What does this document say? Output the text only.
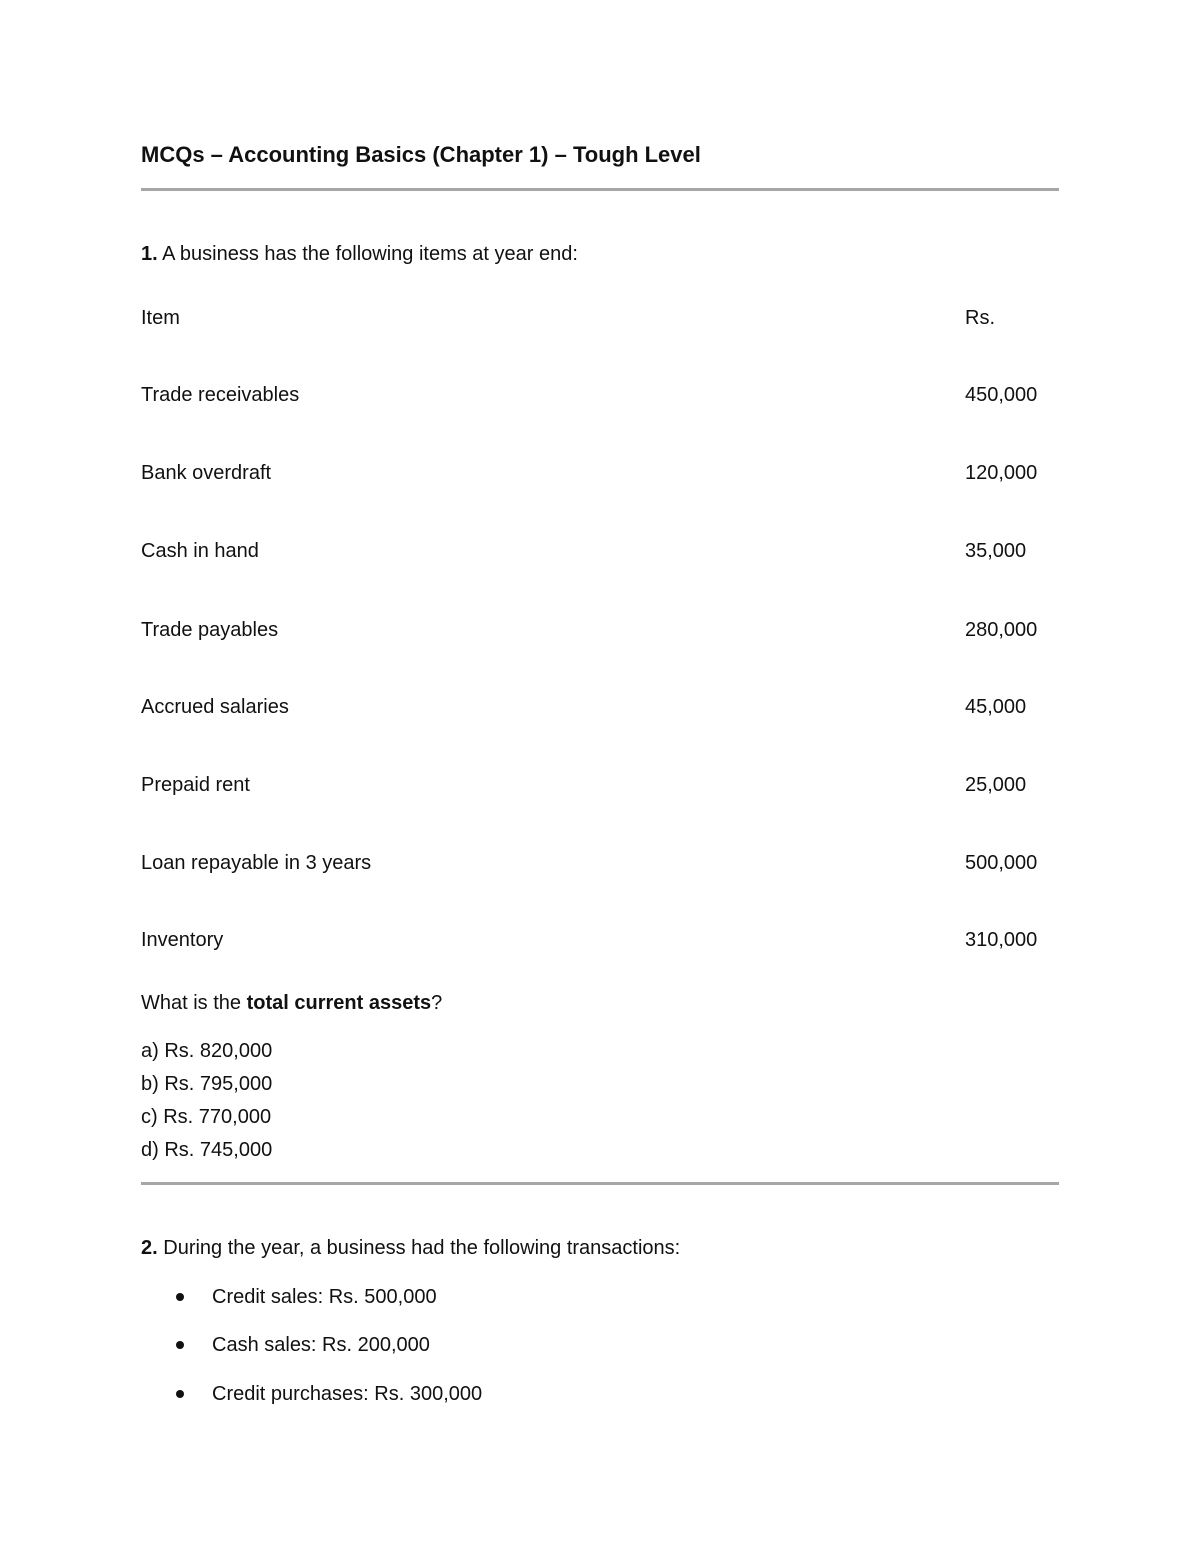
MCQs – Accounting Basics (Chapter 1) – Tough Level
1. A business has the following items at year end:
Item	Rs.
Trade receivables	450,000
Bank overdraft	120,000
Cash in hand	35,000
Trade payables	280,000
Accrued salaries	45,000
Prepaid rent	25,000
Loan repayable in 3 years	500,000
Inventory	310,000
What is the total current assets?
a) Rs. 820,000
b) Rs. 795,000
c) Rs. 770,000
d) Rs. 745,000
2. During the year, a business had the following transactions:
Credit sales: Rs. 500,000
Cash sales: Rs. 200,000
Credit purchases: Rs. 300,000
